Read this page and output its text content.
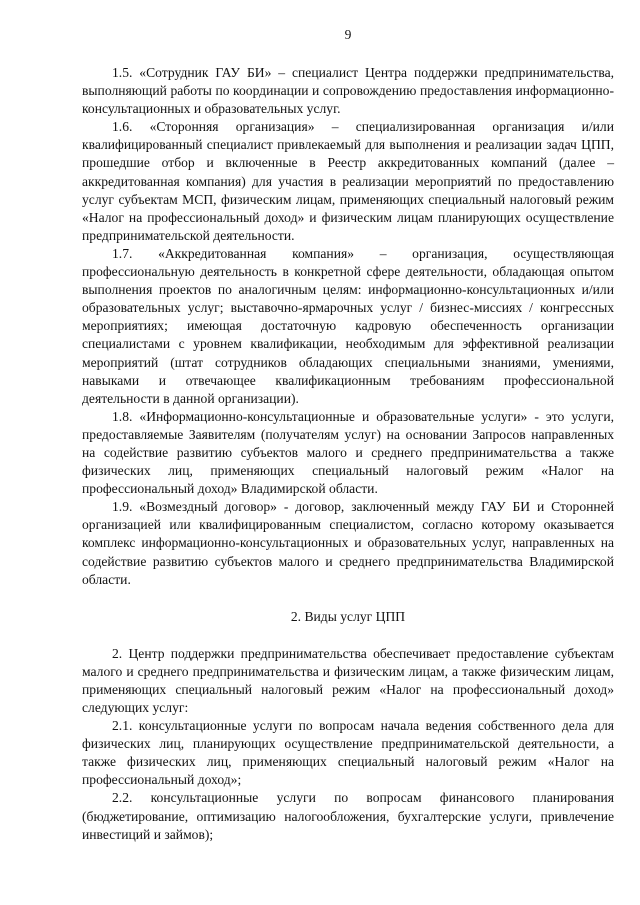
9

1.5. «Сотрудник ГАУ БИ» – специалист Центра поддержки предпринимательства, выполняющий работы по координации и сопровождению предоставления информационно-консультационных и образовательных услуг.

1.6. «Сторонняя организация» – специализированная организация и/или квалифицированный специалист привлекаемый для выполнения и реализации задач ЦПП, прошедшие отбор и включенные в Реестр аккредитованных компаний (далее – аккредитованная компания) для участия в реализации мероприятий по предоставлению услуг субъектам МСП, физическим лицам, применяющих специальный налоговый режим «Налог на профессиональный доход» и физическим лицам планирующих осуществление предпринимательской деятельности.

1.7. «Аккредитованная компания» – организация, осуществляющая профессиональную деятельность в конкретной сфере деятельности, обладающая опытом выполнения проектов по аналогичным целям: информационно-консультационных и/или образовательных услуг; выставочно-ярмарочных услуг / бизнес-миссиях / конгрессных мероприятиях; имеющая достаточную кадровую обеспеченность организации специалистами с уровнем квалификации, необходимым для эффективной реализации мероприятий (штат сотрудников обладающих специальными знаниями, умениями, навыками и отвечающее квалификационным требованиям профессиональной деятельности в данной организации).

1.8. «Информационно-консультационные и образовательные услуги» - это услуги, предоставляемые Заявителям (получателям услуг) на основании Запросов направленных на содействие развитию субъектов малого и среднего предпринимательства а также физических лиц, применяющих специальный налоговый режим «Налог на профессиональный доход» Владимирской области.

1.9. «Возмездный договор» - договор, заключенный между ГАУ БИ и Сторонней организацией или квалифицированным специалистом, согласно которому оказывается комплекс информационно-консультационных и образовательных услуг, направленных на содействие развитию субъектов малого и среднего предпринимательства Владимирской области.

2. Виды услуг ЦПП

2. Центр поддержки предпринимательства обеспечивает предоставление субъектам малого и среднего предпринимательства и физическим лицам, а также физическим лицам, применяющих специальный налоговый режим «Налог на профессиональный доход» следующих услуг:

2.1. консультационные услуги по вопросам начала ведения собственного дела для физических лиц, планирующих осуществление предпринимательской деятельности, а также физических лиц, применяющих специальный налоговый режим «Налог на профессиональный доход»;

2.2. консультационные услуги по вопросам финансового планирования (бюджетирование, оптимизацию налогообложения, бухгалтерские услуги, привлечение инвестиций и займов);
